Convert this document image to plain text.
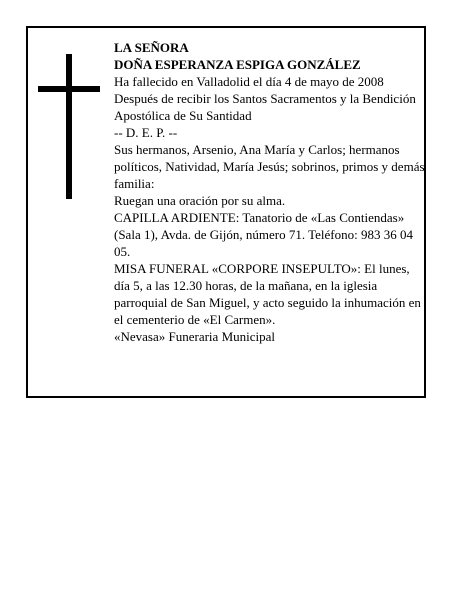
LA SEÑORA

DOÑA ESPERANZA ESPIGA GONZÁLEZ

Ha fallecido en Valladolid el día 4 de mayo de 2008

Después de recibir los Santos Sacramentos y la Bendición Apostólica de Su Santidad

-- D. E. P. --

Sus hermanos, Arsenio, Ana María y Carlos; hermanos políticos, Natividad, María Jesús; sobrinos, primos y demás familia:

Ruegan una oración por su alma.

CAPILLA ARDIENTE: Tanatorio de «Las Contiendas» (Sala 1), Avda. de Gijón, número 71. Teléfono: 983 36 04 05.

MISA FUNERAL «CORPORE INSEPULTO»: El lunes, día 5, a las 12.30 horas, de la mañana, en la iglesia parroquial de San Miguel, y acto seguido la inhumación en el cementerio de «El Carmen».

«Nevasa» Funeraria Municipal
